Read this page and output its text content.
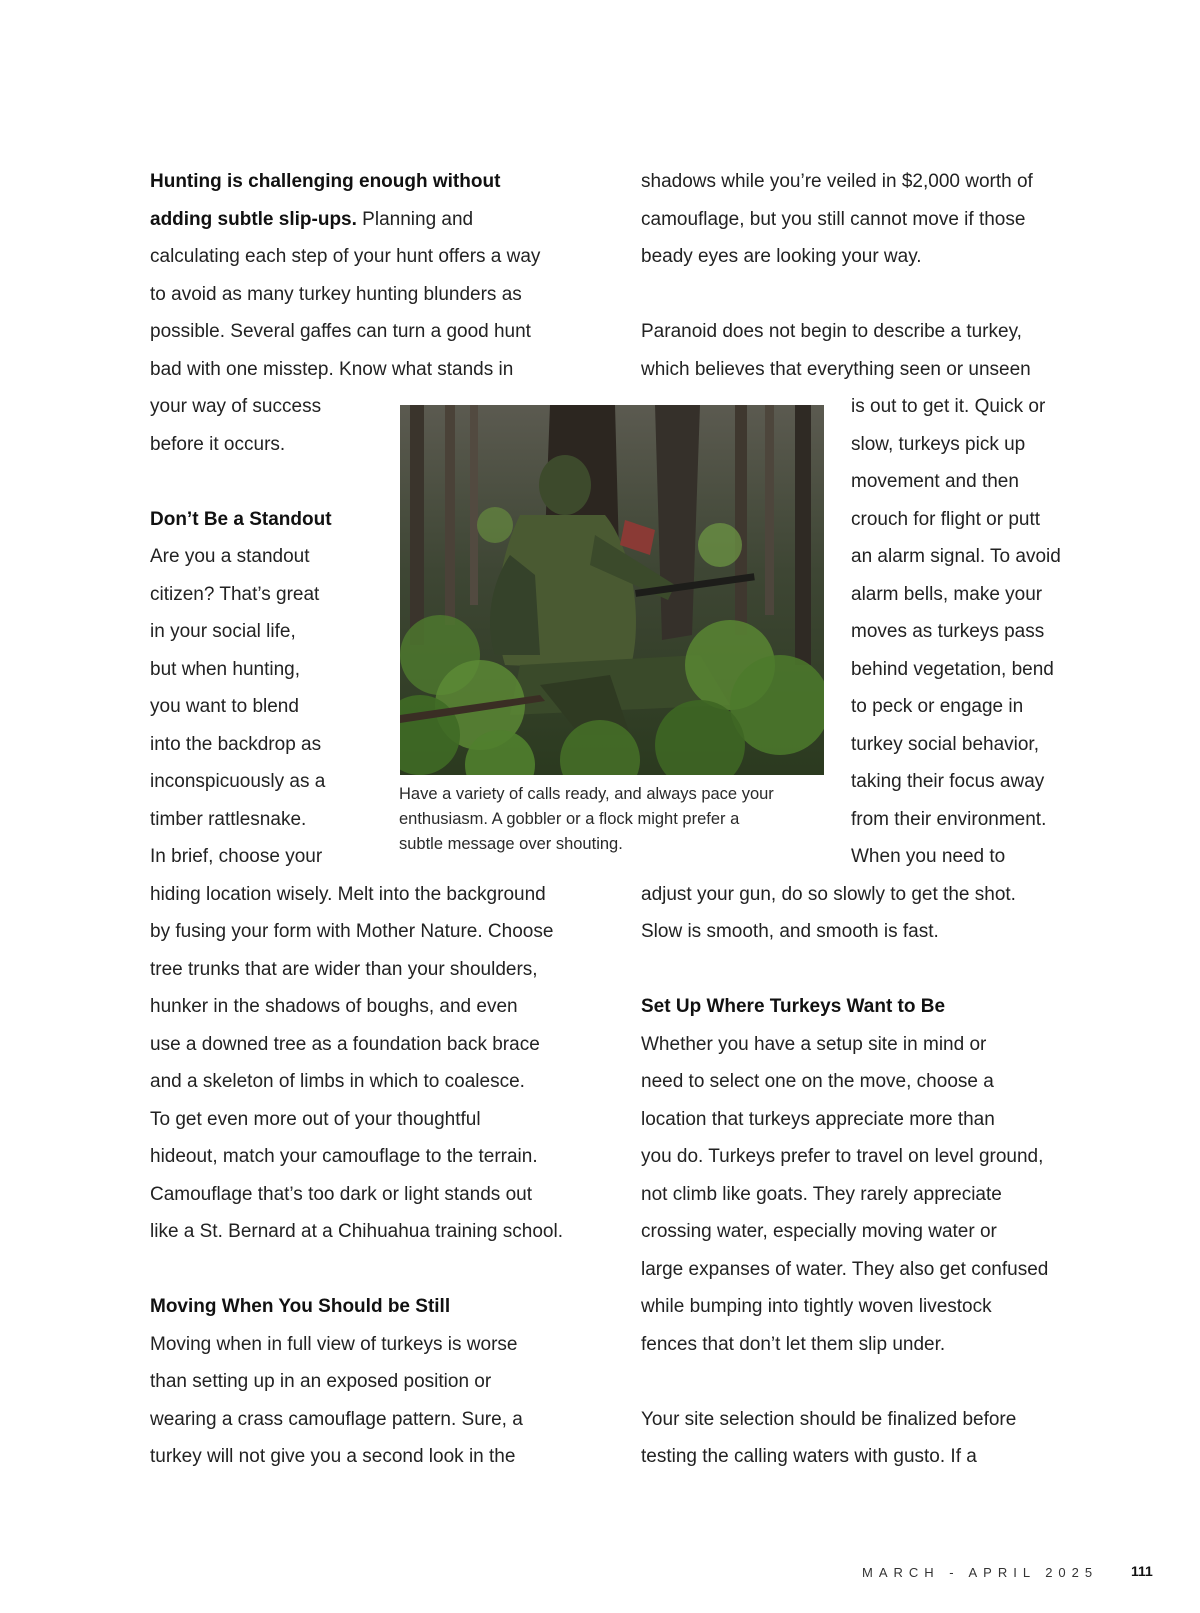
Hunting is challenging enough without
adding subtle slip-ups. Planning and
calculating each step of your hunt offers a way
to avoid as many turkey hunting blunders as
possible. Several gaffes can turn a good hunt
bad with one misstep. Know what stands in
your way of success
before it occurs.
Don’t Be a Standout
Are you a standout
citizen? That’s great
in your social life,
but when hunting,
you want to blend
into the backdrop as
inconspicuously as a
timber rattlesnake.
In brief, choose your
hiding location wisely. Melt into the background
by fusing your form with Mother Nature. Choose
tree trunks that are wider than your shoulders,
hunker in the shadows of boughs, and even
use a downed tree as a foundation back brace
and a skeleton of limbs in which to coalesce.
To get even more out of your thoughtful
hideout, match your camouflage to the terrain.
Camouflage that’s too dark or light stands out
like a St. Bernard at a Chihuahua training school.
Moving When You Should be Still
Moving when in full view of turkeys is worse
than setting up in an exposed position or
wearing a crass camouflage pattern. Sure, a
turkey will not give you a second look in the
shadows while you’re veiled in $2,000 worth of
camouflage, but you still cannot move if those
beady eyes are looking your way.
Paranoid does not begin to describe a turkey,
which believes that everything seen or unseen
is out to get it. Quick or
slow, turkeys pick up
movement and then
crouch for flight or putt
an alarm signal. To avoid
alarm bells, make your
moves as turkeys pass
behind vegetation, bend
to peck or engage in
turkey social behavior,
taking their focus away
from their environment.
When you need to
adjust your gun, do so slowly to get the shot.
Slow is smooth, and smooth is fast.
Set Up Where Turkeys Want to Be
Whether you have a setup site in mind or
need to select one on the move, choose a
location that turkeys appreciate more than
you do. Turkeys prefer to travel on level ground,
not climb like goats. They rarely appreciate
crossing water, especially moving water or
large expanses of water. They also get confused
while bumping into tightly woven livestock
fences that don’t let them slip under.
Your site selection should be finalized before
testing the calling waters with gusto. If a
Have a variety of calls ready, and always pace your
enthusiasm. A gobbler or a flock might prefer a
subtle message over shouting.
MARCH - APRIL 2025 111
